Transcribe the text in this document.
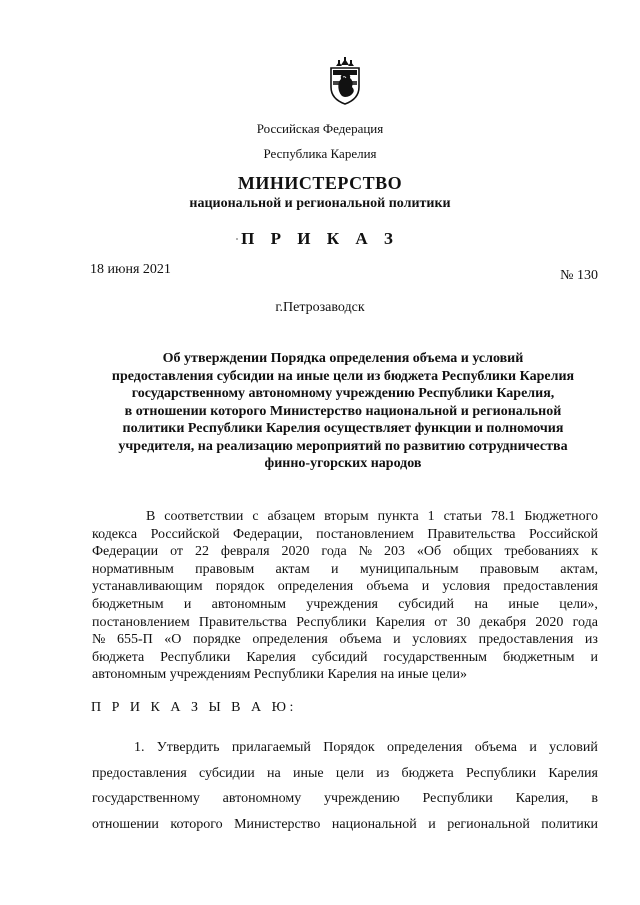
Российская Федерация
Республика Карелия
МИНИСТЕРСТВО
национальной и региональной политики
П Р И К А З
18 июня 2021	№ 130
г.Петрозаводск
Об утверждении Порядка определения объема и условий
предоставления субсидии на иные цели из бюджета Республики Карелия
государственному автономному учреждению Республики Карелия,
в отношении которого Министерство национальной и региональной
политики Республики Карелия осуществляет функции и полномочия
учредителя, на реализацию мероприятий по развитию сотрудничества
финно-угорских народов
В соответствии с абзацем вторым пункта 1 статьи 78.1 Бюджетного
кодекса Российской Федерации, постановлением Правительства Российской
Федерации от 22 февраля 2020 года № 203 «Об общих требованиях к
нормативным правовым актам и муниципальным правовым актам,
устанавливающим порядок определения объема и условия предоставления
бюджетным и автономным учреждения субсидий на иные цели»,
постановлением Правительства Республики Карелия от 30 декабря 2020 года
№ 655-П «О порядке определения объема и условиях предоставления из
бюджета Республики Карелия субсидий государственным бюджетным и
автономным учреждениям Республики Карелия на иные цели»
П Р И К А З Ы В А Ю:
1. Утвердить прилагаемый Порядок определения объема и условий
предоставления субсидии на иные цели из бюджета Республики Карелия
государственному автономному учреждению Республики Карелия, в
отношении которого Министерство национальной и региональной политики
